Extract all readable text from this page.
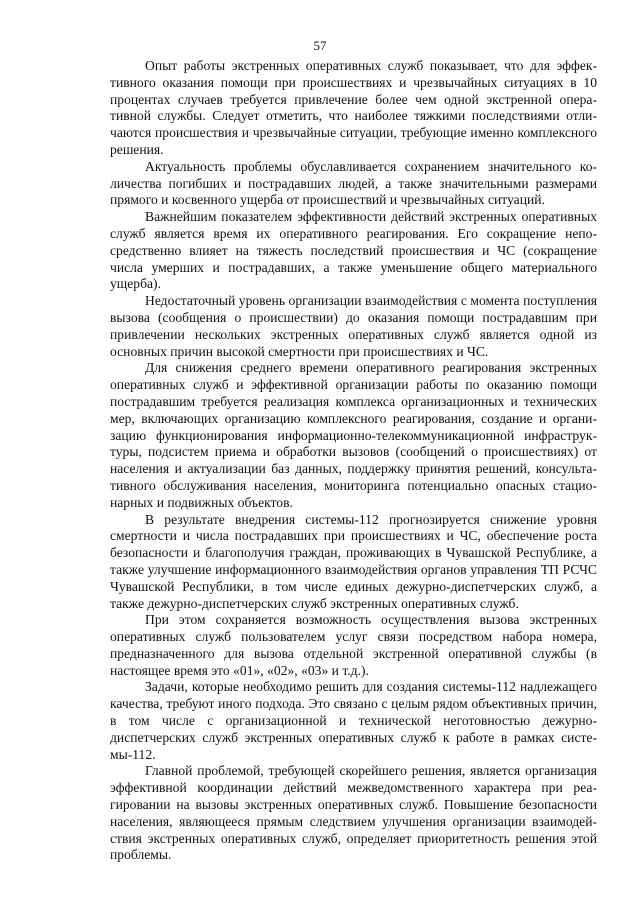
57

Опыт работы экстренных оперативных служб показывает, что для эффективного оказания помощи при происшествиях и чрезвычайных ситуациях в 10 процентах случаев требуется привлечение более чем одной экстренной оперативной службы. Следует отметить, что наиболее тяжкими последствиями отличаются происшествия и чрезвычайные ситуации, требующие именно комплексного решения.

Актуальность проблемы обуславливается сохранением значительного количества погибших и пострадавших людей, а также значительными размерами прямого и косвенного ущерба от происшествий и чрезвычайных ситуаций.

Важнейшим показателем эффективности действий экстренных оперативных служб является время их оперативного реагирования. Его сокращение непосредственно влияет на тяжесть последствий происшествия и ЧС (сокращение числа умерших и пострадавших, а также уменьшение общего материального ущерба).

Недостаточный уровень организации взаимодействия с момента поступления вызова (сообщения о происшествии) до оказания помощи пострадавшим при привлечении нескольких экстренных оперативных служб является одной из основных причин высокой смертности при происшествиях и ЧС.

Для снижения среднего времени оперативного реагирования экстренных оперативных служб и эффективной организации работы по оказанию помощи пострадавшим требуется реализация комплекса организационных и технических мер, включающих организацию комплексного реагирования, создание и организацию функционирования информационно-телекоммуникационной инфраструктуры, подсистем приема и обработки вызовов (сообщений о происшествиях) от населения и актуализации баз данных, поддержку принятия решений, консультативного обслуживания населения, мониторинга потенциально опасных стационарных и подвижных объектов.

В результате внедрения системы-112 прогнозируется снижение уровня смертности и числа пострадавших при происшествиях и ЧС, обеспечение роста безопасности и благополучия граждан, проживающих в Чувашской Республике, а также улучшение информационного взаимодействия органов управления ТП РСЧС Чувашской Республики, в том числе единых дежурно-диспетчерских служб, а также дежурно-диспетчерских служб экстренных оперативных служб.

При этом сохраняется возможность осуществления вызова экстренных оперативных служб пользователем услуг связи посредством набора номера, предназначенного для вызова отдельной экстренной оперативной службы (в настоящее время это «01», «02», «03» и т.д.).

Задачи, которые необходимо решить для создания системы-112 надлежащего качества, требуют иного подхода. Это связано с целым рядом объективных причин, в том числе с организационной и технической неготовностью дежурно-диспетчерских служб экстренных оперативных служб к работе в рамках системы-112.

Главной проблемой, требующей скорейшего решения, является организация эффективной координации действий межведомственного характера при реагировании на вызовы экстренных оперативных служб. Повышение безопасности населения, являющееся прямым следствием улучшения организации взаимодействия экстренных оперативных служб, определяет приоритетность решения этой проблемы.
